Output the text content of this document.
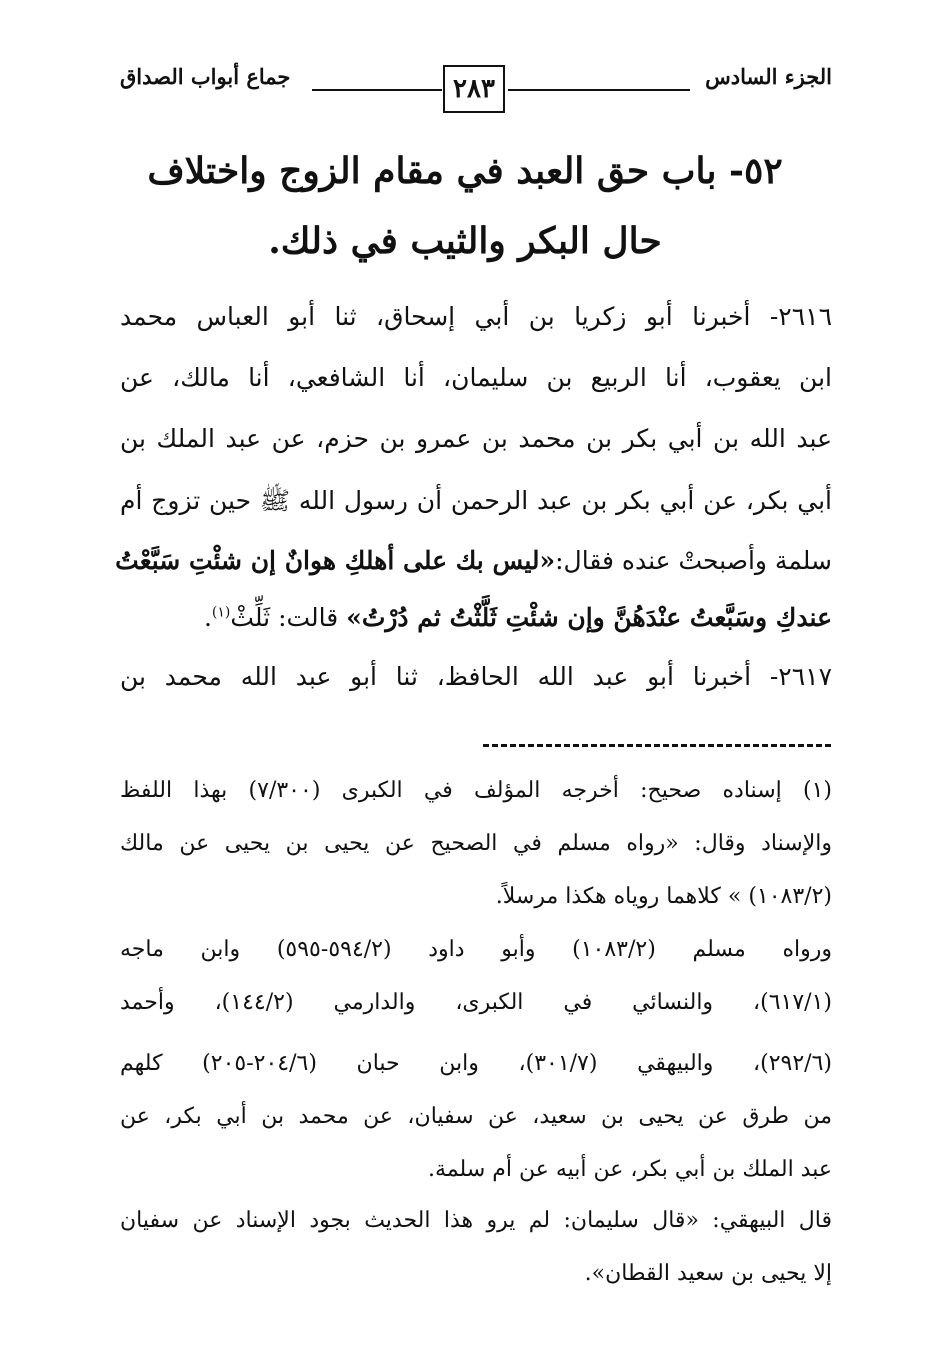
الجزء السادس
٢٨٣
جماع أبواب الصداق
٥٢- باب حق العبد في مقام الزوج واختلاف
حال البكر والثيب في ذلك.
٢٦١٦- أخبرنا أبو زكريا بن أبي إسحاق، ثنا أبو العباس محمد
ابن يعقوب، أنا الربيع بن سليمان، أنا الشافعي، أنا مالك، عن
عبد الله بن أبي بكر بن محمد بن عمرو بن حزم، عن عبد الملك بن
أبي بكر، عن أبي بكر بن عبد الرحمن أن رسول الله ﷺ حين تزوج أم
سلمة وأصبحتْ عنده فقال:«ليس بك على أهلكِ هوانٌ إن شئْتِ سَبَّعْتُ
عندكِ وسَبَّعتُ عنْدَهُنَّ وإن شئْتِ ثَلَّثْتُ ثم دُرْتُ» قالت: ثَلِّثْ$^{(١)}$.
٢٦١٧- أخبرنا أبو عبد الله الحافظ، ثنا أبو عبد الله محمد بن
(١) إسناده صحيح: أخرجه المؤلف في الكبرى (٧/٣٠٠) بهذا اللفظ
والإسناد وقال: «رواه مسلم في الصحيح عن يحيى بن يحيى عن مالك
(١٠٨٣/٢) » كلاهما روياه هكذا مرسلاً.
ورواه مسلم (١٠٨٣/٢) وأبو داود (٥٩٤/٢-٥٩٥) وابن ماجه
(٦١٧/١)، والنسائي في الكبرى، والدارمي (١٤٤/٢)، وأحمد
(٢٩٢/٦)، والبيهقي (٣٠١/٧)، وابن حبان (٢٠٤/٦-٢٠٥) كلهم
من طرق عن يحيى بن سعيد، عن سفيان، عن محمد بن أبي بكر، عن
عبد الملك بن أبي بكر، عن أبيه عن أم سلمة.
قال البيهقي: «قال سليمان: لم يرو هذا الحديث بجود الإسناد عن سفيان
إلا يحيى بن سعيد القطان».
